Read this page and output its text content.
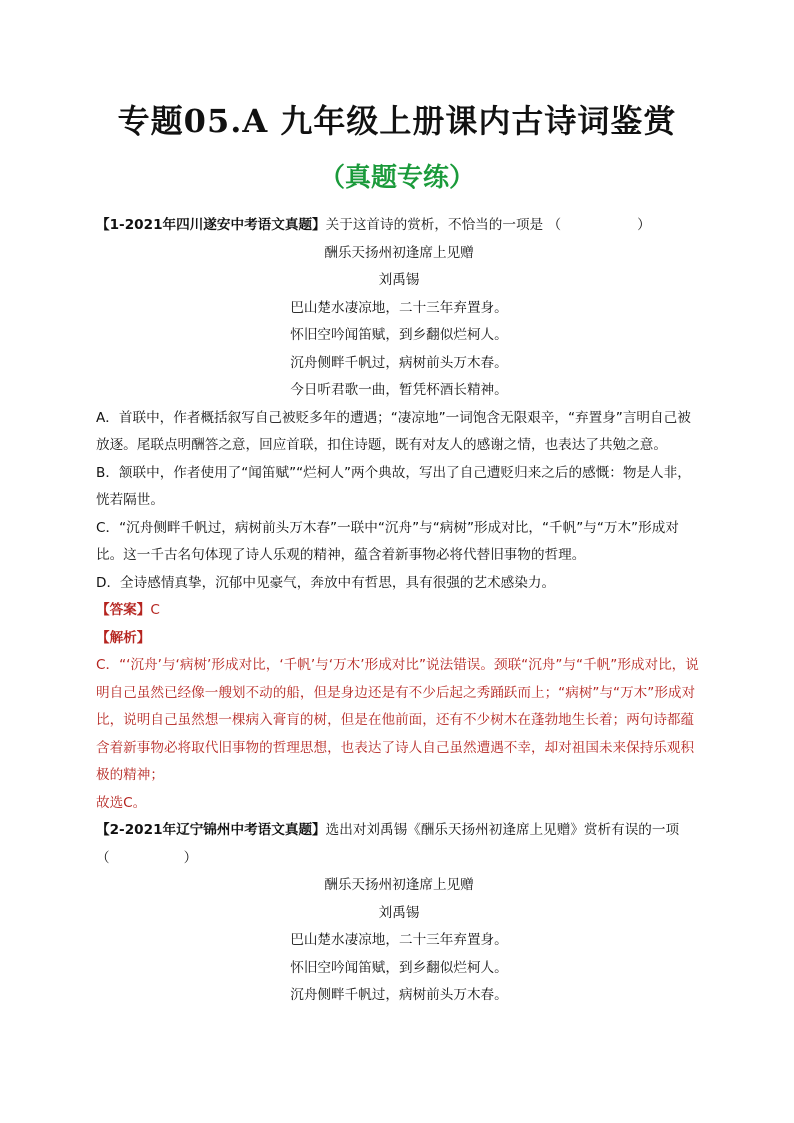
专题05.A 九年级上册课内古诗词鉴赏
（真题专练）
【1-2021年四川遂安中考语文真题】关于这首诗的赏析，不恰当的一项是 （	）
酬乐天扬州初逢席上见赠
刘禹锡
巴山楚水凄凉地，二十三年弃置身。
怀旧空吟闻笛赋，到乡翻似烂柯人。
沉舟侧畔千帆过，病树前头万木春。
今日听君歌一曲，暂凭杯酒长精神。
A．首联中，作者概括叙写自己被贬多年的遭遇；“凄凉地”一词饱含无限艰辛，“弃置身”言明自己被放逐。尾联点明酬答之意，回应首联，扣住诗题，既有对友人的感谢之情，也表达了共勉之意。
B．颔联中，作者使用了“闻笛赋”“烂柯人”两个典故，写出了自己遭贬归来之后的感慨：物是人非，恍若隔世。
C．“沉舟侧畔千帆过，病树前头万木春”一联中“沉舟”与“病树”形成对比，“千帆”与“万木”形成对比。这一千古名句体现了诗人乐观的精神，蕴含着新事物必将代替旧事物的哲理。
D．全诗感情真挚，沉郁中见豪气，奔放中有哲思，具有很强的艺术感染力。
【答案】C
【解析】
C．“‘沉舟’与‘病树’形成对比，‘千帆’与‘万木’形成对比”说法错误。颈联“沉舟”与“千帆”形成对比，说明自己虽然已经像一艘划不动的船，但是身边还是有不少后起之秀踊跃而上；“病树”与“万木”形成对比，说明自己虽然想一棵病入膏肓的树，但是在他前面，还有不少树木在蓬勃地生长着；两句诗都蕴含着新事物必将取代旧事物的哲理思想，也表达了诗人自己虽然遭遇不幸，却对祖国未来保持乐观积极的精神；
故选C。
【2-2021年辽宁锦州中考语文真题】选出对刘禹锡《酬乐天扬州初逢席上见赠》赏析有误的一项
（	）
酬乐天扬州初逢席上见赠
刘禹锡
巴山楚水凄凉地，二十三年弃置身。
怀旧空吟闻笛赋，到乡翻似烂柯人。
沉舟侧畔千帆过，病树前头万木春。
